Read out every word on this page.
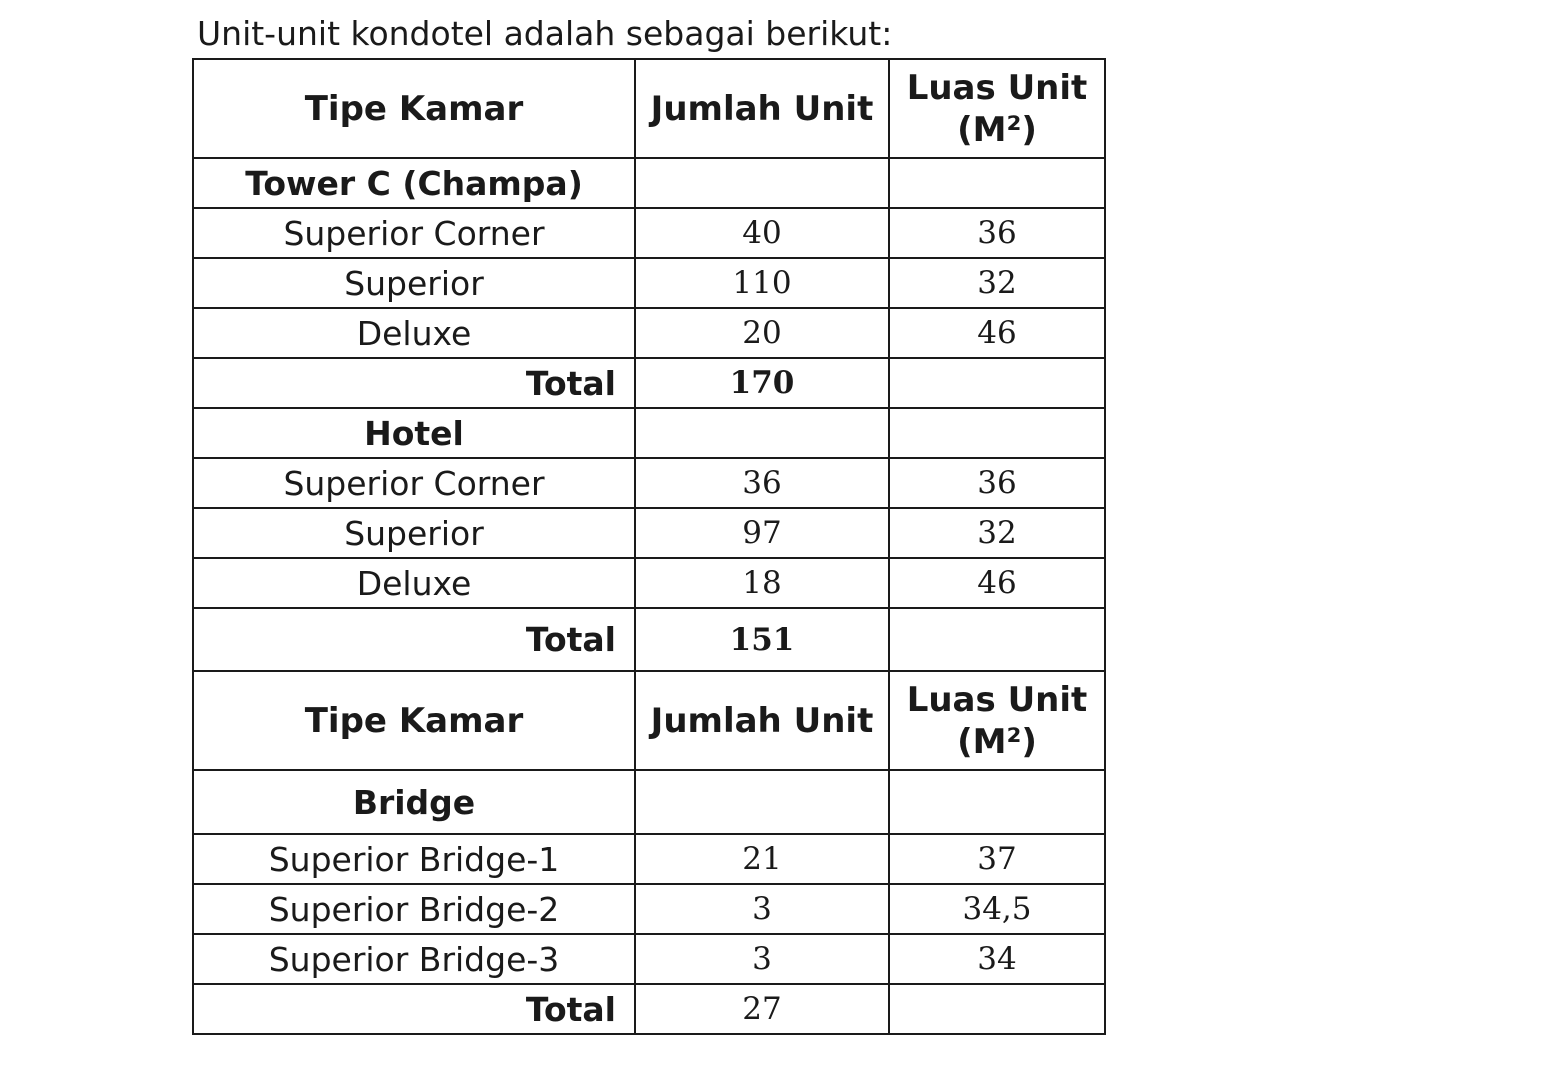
Unit-unit kondotel adalah sebagai berikut:
Tipe Kamar	Jumlah Unit	Luas Unit
(M²)
Tower C (Champa)		
Superior Corner	40	36
Superior	110	32
Deluxe	20	46
Total	170	
Hotel		
Superior Corner	36	36
Superior	97	32
Deluxe	18	46
Total	151	
Tipe Kamar	Jumlah Unit	Luas Unit
(M²)
Bridge		
Superior Bridge-1	21	37
Superior Bridge-2	3	34,5
Superior Bridge-3	3	34
Total	27	
